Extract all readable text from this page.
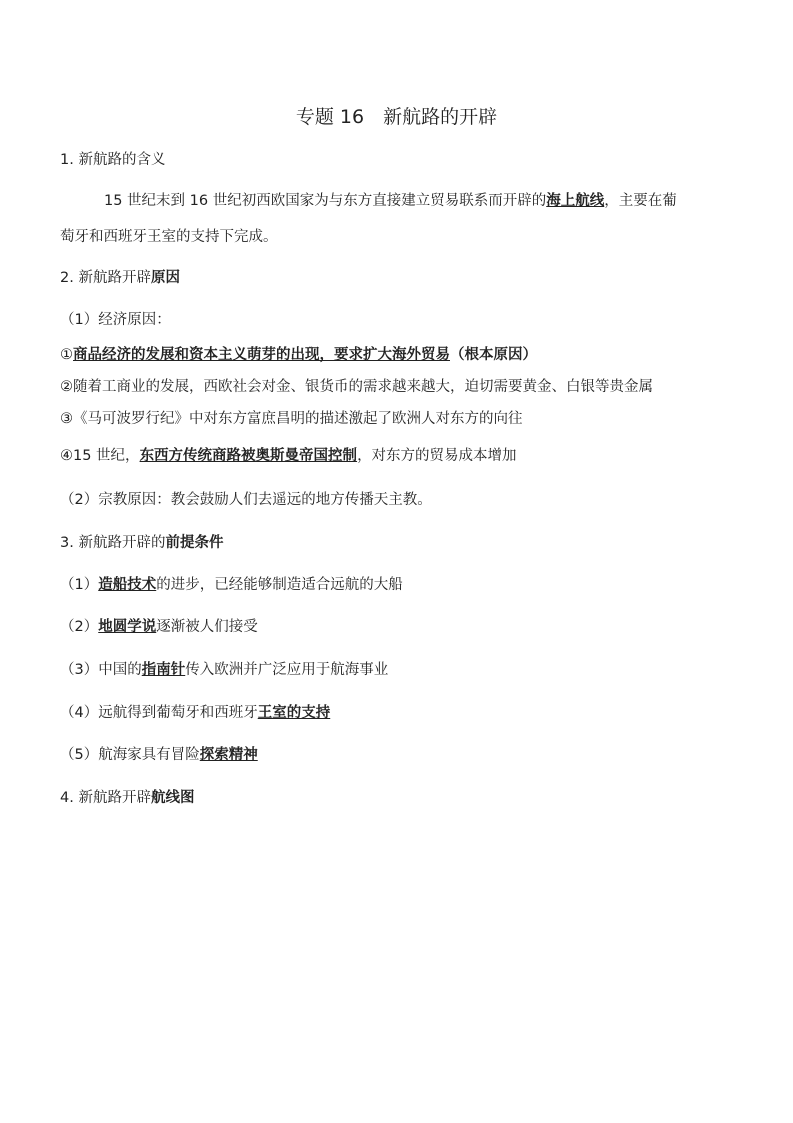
专题 16　新航路的开辟
1. 新航路的含义
15 世纪末到 16 世纪初西欧国家为与东方直接建立贸易联系而开辟的海上航线，主要在葡
萄牙和西班牙王室的支持下完成。
2. 新航路开辟原因
（1）经济原因：
①商品经济的发展和资本主义萌芽的出现，要求扩大海外贸易（根本原因）
②随着工商业的发展，西欧社会对金、银货币的需求越来越大，迫切需要黄金、白银等贵金属
③《马可波罗行纪》中对东方富庶昌明的描述激起了欧洲人对东方的向往
④15 世纪，东西方传统商路被奥斯曼帝国控制，对东方的贸易成本增加
（2）宗教原因：教会鼓励人们去遥远的地方传播天主教。
3. 新航路开辟的前提条件
（1）造船技术的进步，已经能够制造适合远航的大船
（2）地圆学说逐渐被人们接受
（3）中国的指南针传入欧洲并广泛应用于航海事业
（4）远航得到葡萄牙和西班牙王室的支持
（5）航海家具有冒险探索精神
4. 新航路开辟航线图
